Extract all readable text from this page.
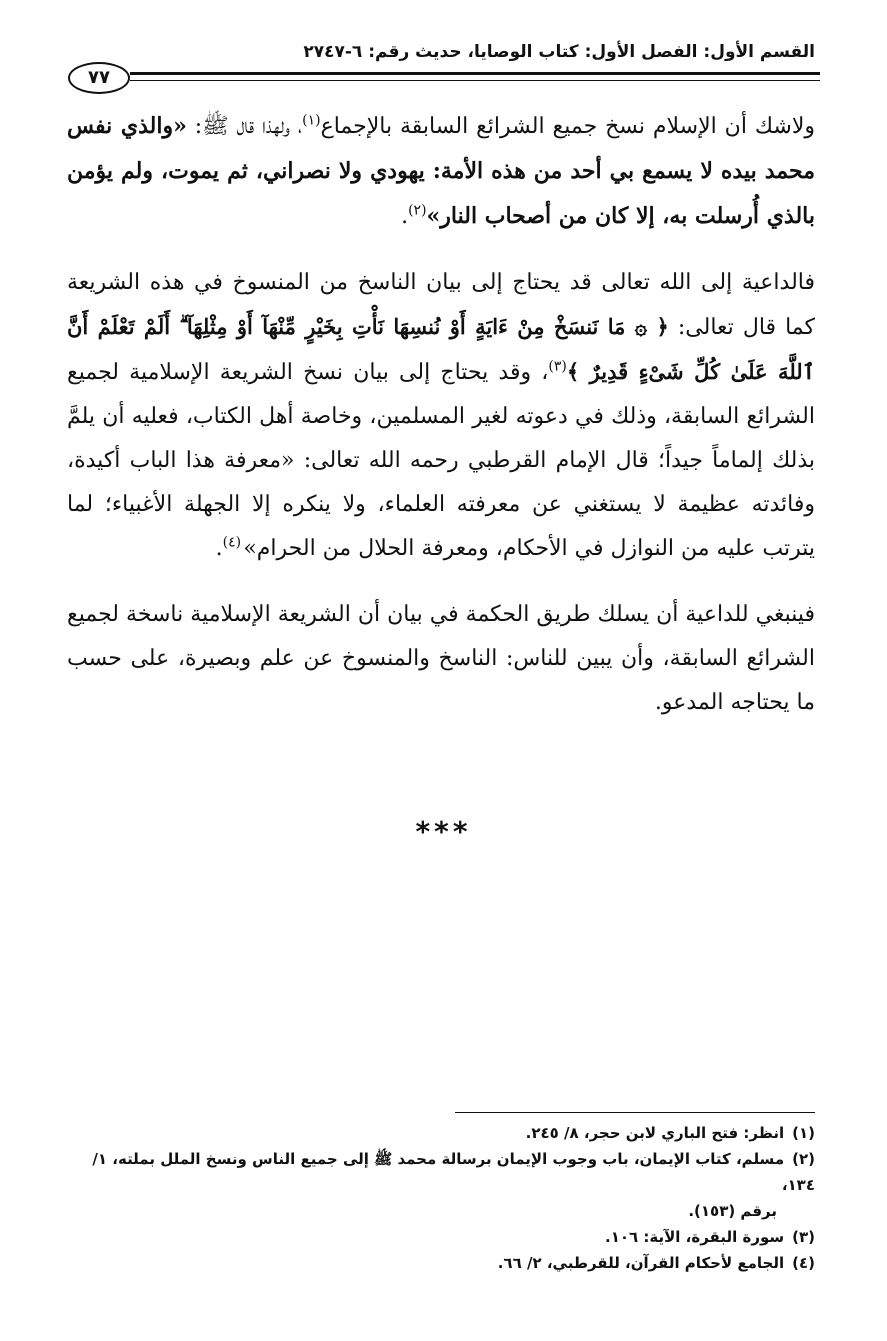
القسم الأول: الفصل الأول: كتاب الوصايا، حديث رقم: ٦-٢٧٤٧
٧٧

ولاشك أن الإسلام نسخ جميع الشرائع السابقة بالإجماع$^{(١)}$، ولهذا قال ﷺ: «والذي نفس محمد بيده لا يسمع بي أحد من هذه الأمة: يهودي ولا نصراني، ثم يموت، ولم يؤمن بالذي أُرسلت به، إلا كان من أصحاب النار»$^{(٢)}$.

فالداعية إلى الله تعالى قد يحتاج إلى بيان الناسخ من المنسوخ في هذه الشريعة كما قال تعالى: ﴿ ۞ مَا نَنسَخْ مِنْ ءَايَةٍ أَوْ نُنسِهَا نَأْتِ بِخَيْرٍ مِّنْهَآ أَوْ مِثْلِهَآ ۗ أَلَمْ تَعْلَمْ أَنَّ ٱللَّهَ عَلَىٰ كُلِّ شَىْءٍ قَدِيرٌ ﴾$^{(٣)}$، وقد يحتاج إلى بيان نسخ الشريعة الإسلامية لجميع الشرائع السابقة، وذلك في دعوته لغير المسلمين، وخاصة أهل الكتاب، فعليه أن يلمَّ بذلك إلماماً جيداً؛ قال الإمام القرطبي رحمه الله تعالى: «معرفة هذا الباب أكيدة، وفائدته عظيمة لا يستغني عن معرفته العلماء، ولا ينكره إلا الجهلة الأغبياء؛ لما يترتب عليه من النوازل في الأحكام، ومعرفة الحلال من الحرام» $^{(٤)}$.

فينبغي للداعية أن يسلك طريق الحكمة في بيان أن الشريعة الإسلامية ناسخة لجميع الشرائع السابقة، وأن يبين للناس: الناسخ والمنسوخ عن علم وبصيرة، على حسب ما يحتاجه المدعو.

***

(١)انظر: فتح الباري لابن حجر، ٨/ ٢٤٥.

(٢)مسلم، كتاب الإيمان، باب وجوب الإيمان برسالة محمد ﷺ إلى جميع الناس ونسخ الملل بملته، ١/ ١٣٤،

برقم (١٥٣).

(٣)سورة البقرة، الآية: ١٠٦.

(٤)الجامع لأحكام القرآن، للقرطبي، ٢/ ٦٦.
